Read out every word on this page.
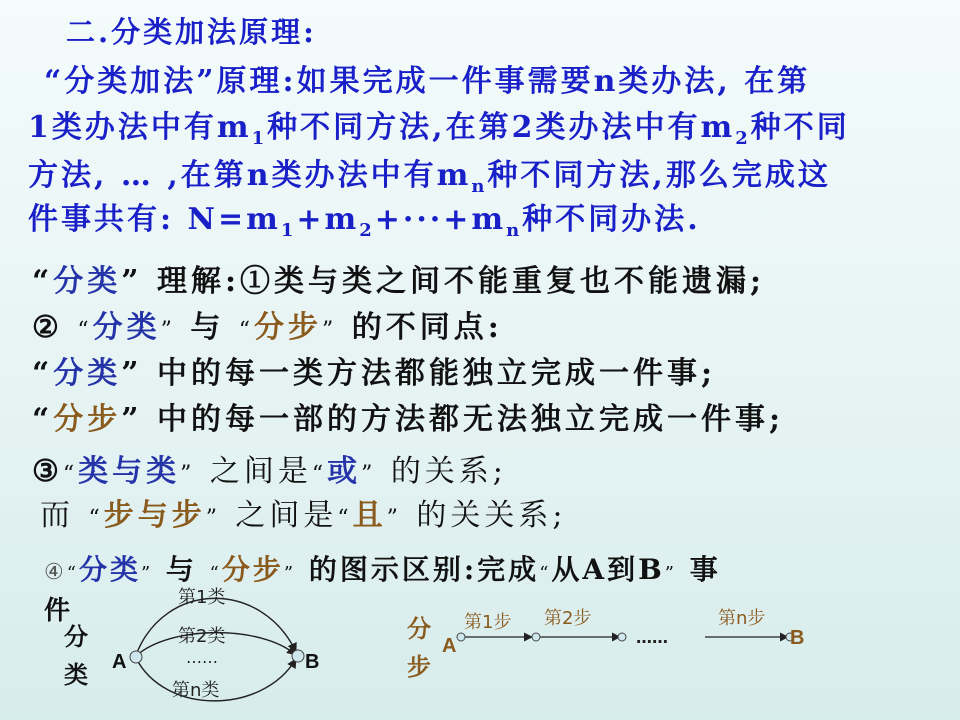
二.分类加法原理:
“分类加法”原理:如果完成一件事需要n类办法, 在第
1类办法中有$m_1$种不同方法,在第2类办法中有$m_2$种不同
方法, … ,在第n类办法中有$m_n$种不同方法,那么完成这
件事共有: $N=m_1+m_2+\cdot\cdot\cdot+m_n$种不同办法.
“分类” 理解:①类与类之间不能重复也不能遗漏;
② “分类” 与 “分步” 的不同点:
“分类” 中的每一类方法都能独立完成一件事;
“分步” 中的每一部的方法都无法独立完成一件事;
③“类与类” 之间是“或” 的关系;
而 “步与步” 之间是“且” 的关关系;
④“分类” 与 “分步” 的图示区别:完成“从A到B” 事
件
分
类
分
步
A	B
第1类
第2类
……
第n类
A	B
第1步 第2步
……
第n步
